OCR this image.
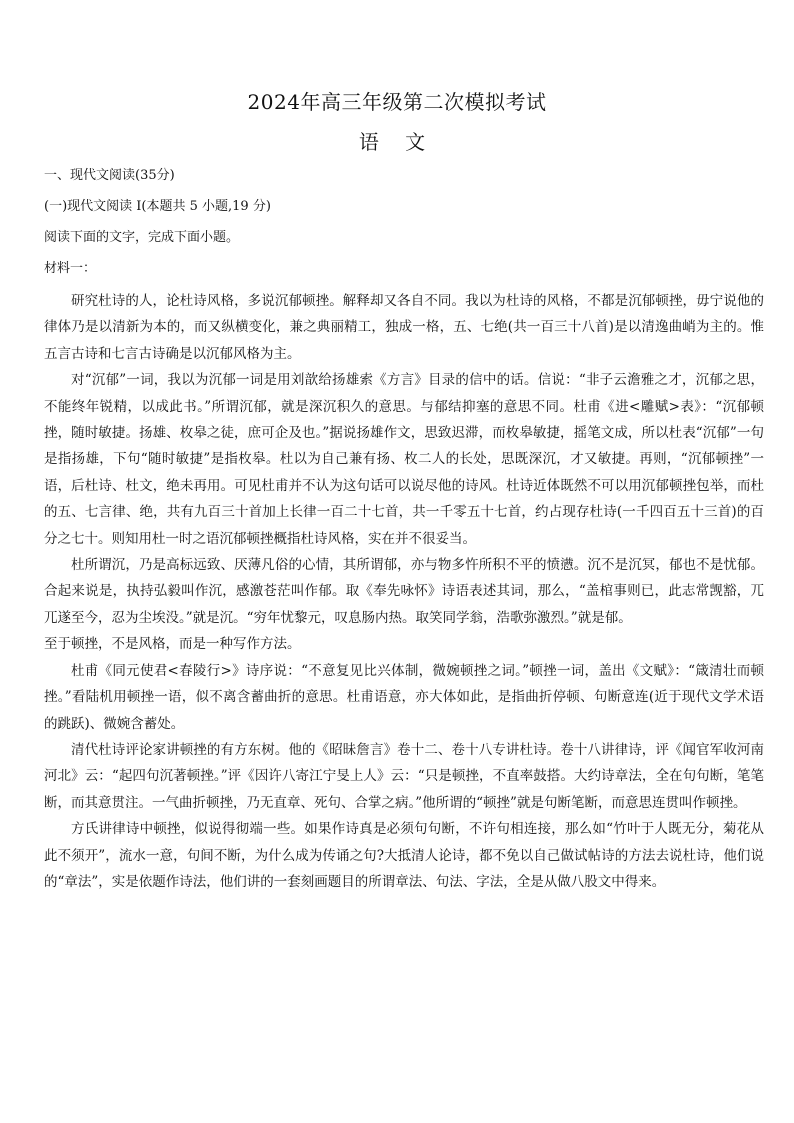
2024年高三年级第二次模拟考试
语 文
一、现代文阅读(35分)
(一)现代文阅读 I(本题共 5 小题,19 分)
阅读下面的文字，完成下面小题。
材料一：

研究杜诗的人，论杜诗风格，多说沉郁顿挫。解释却又各自不同。我以为杜诗的风格，不都是沉郁顿挫，毋宁说他的律体乃是以清新为本的，而又纵横变化，兼之典丽精工，独成一格，五、七绝(共一百三十八首)是以清逸曲峭为主的。惟五言古诗和七言古诗确是以沉郁风格为主。

对“沉郁”一词，我以为沉郁一词是用刘歆给扬雄索《方言》目录的信中的话。信说：“非子云澹雅之才，沉郁之思，不能终年锐精，以成此书。”所谓沉郁，就是深沉积久的意思。与郁结抑塞的意思不同。杜甫《进<雕赋>表》：“沉郁顿挫，随时敏捷。扬雄、枚皋之徒，庶可企及也。”据说扬雄作文，思致迟滞，而枚皋敏捷，摇笔文成，所以杜表“沉郁”一句是指扬雄，下句“随时敏捷”是指枚皋。杜以为自己兼有扬、枚二人的长处，思既深沉，才又敏捷。再则，“沉郁顿挫”一语，后杜诗、杜文，绝未再用。可见杜甫并不认为这句话可以说尽他的诗风。杜诗近体既然不可以用沉郁顿挫包举，而杜的五、七言律、绝，共有九百三十首加上长律一百二十七首，共一千零五十七首，约占现存杜诗(一千四百五十三首)的百分之七十。则知用杜一时之语沉郁顿挫概指杜诗风格，实在并不很妥当。

杜所谓沉，乃是高标远致、厌薄凡俗的心情，其所谓郁，亦与物多忤所积不平的愤懑。沉不是沉冥，郁也不是忧郁。合起来说是，执持弘毅叫作沉，感激苍茫叫作郁。取《奉先咏怀》诗语表述其词，那么，“盖棺事则已，此志常觊豁，兀兀遂至今，忍为尘埃没。”就是沉。“穷年忧黎元，叹息肠内热。取笑同学翁，浩歌弥激烈。”就是郁。

至于顿挫，不是风格，而是一种写作方法。

杜甫《同元使君<春陵行>》诗序说：“不意复见比兴体制，微婉顿挫之词。”顿挫一词，盖出《文赋》：“箴清壮而顿挫。”看陆机用顿挫一语，似不离含蓄曲折的意思。杜甫语意，亦大体如此，是指曲折停顿、句断意连(近于现代文学术语的跳跃)、微婉含蓄处。

清代杜诗评论家讲顿挫的有方东树。他的《昭昧詹言》卷十二、卷十八专讲杜诗。卷十八讲律诗，评《闻官军收河南河北》云：“起四句沉著顿挫。”评《因许八寄江宁旻上人》云：“只是顿挫，不直率鼓搭。大约诗章法，全在句句断，笔笔断，而其意贯注。一气曲折顿挫，乃无直章、死句、合掌之病。”他所谓的“顿挫”就是句断笔断，而意思连贯叫作顿挫。

方氏讲律诗中顿挫，似说得彻端一些。如果作诗真是必须句句断，不许句相连接，那么如“竹叶于人既无分，菊花从此不须开”，流水一意，句间不断，为什么成为传诵之句?大抵清人论诗，都不免以自己做试帖诗的方法去说杜诗，他们说的“章法”，实是依题作诗法，他们讲的一套刻画题目的所谓章法、句法、字法，全是从做八股文中得来。
